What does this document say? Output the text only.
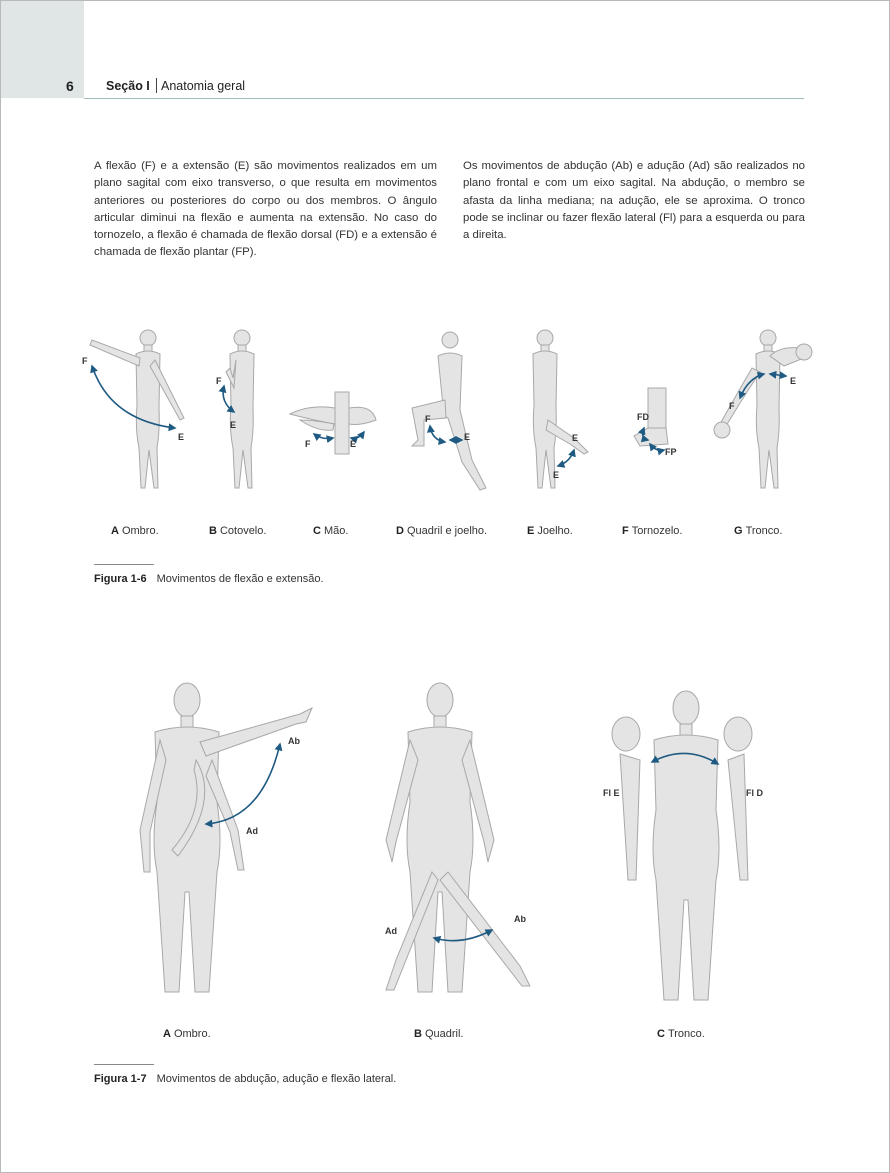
6	Seção I Anatomia geral

A flexão (F) e a extensão (E) são movimentos realizados em um plano sagital com eixo transverso, o que resulta em movimentos anteriores ou posteriores do corpo ou dos membros. O ângulo articular diminui na flexão e aumenta na extensão. No caso do tornozelo, a flexão é chamada de flexão dorsal (FD) e a extensão é chamada de flexão plantar (FP).

Os movimentos de abdução (Ab) e adução (Ad) são realizados no plano frontal e com um eixo sagital. Na abdução, o membro se afasta da linha mediana; na adução, ele se aproxima. O tronco pode se inclinar ou fazer flexão lateral (Fl) para a esquerda ou para a direita.

F
E
F
E
F	E
F
E	E
E
FD
FP
F
E
Ab
Ad
Ad
Ab
Fl E	Fl D
A Ombro.	B Cotovelo.	C Mão.	D Quadril e joelho.	E Joelho.	F Tornozelo.	G Tronco.
Figura 1-6 Movimentos de flexão e extensão.
A Ombro.	B Quadril.	C Tronco.
Figura 1-7 Movimentos de abdução, adução e flexão lateral.
